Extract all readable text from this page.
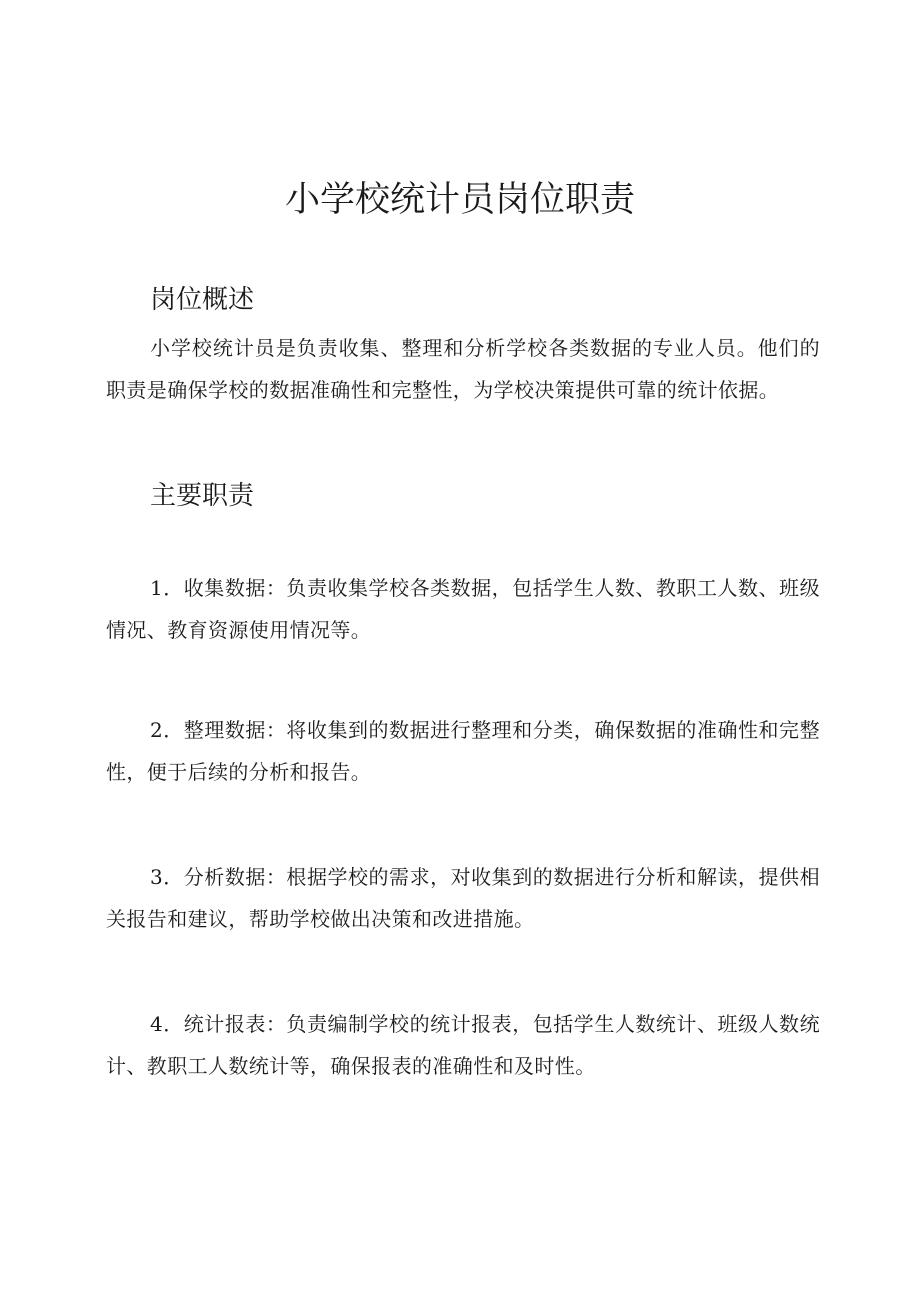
小学校统计员岗位职责
岗位概述

小学校统计员是负责收集、整理和分析学校各类数据的专业人员。他们的职责是确保学校的数据准确性和完整性，为学校决策提供可靠的统计依据。

主要职责

1．收集数据：负责收集学校各类数据，包括学生人数、教职工人数、班级情况、教育资源使用情况等。

2．整理数据：将收集到的数据进行整理和分类，确保数据的准确性和完整性，便于后续的分析和报告。

3．分析数据：根据学校的需求，对收集到的数据进行分析和解读，提供相关报告和建议，帮助学校做出决策和改进措施。

4．统计报表：负责编制学校的统计报表，包括学生人数统计、班级人数统计、教职工人数统计等，确保报表的准确性和及时性。
